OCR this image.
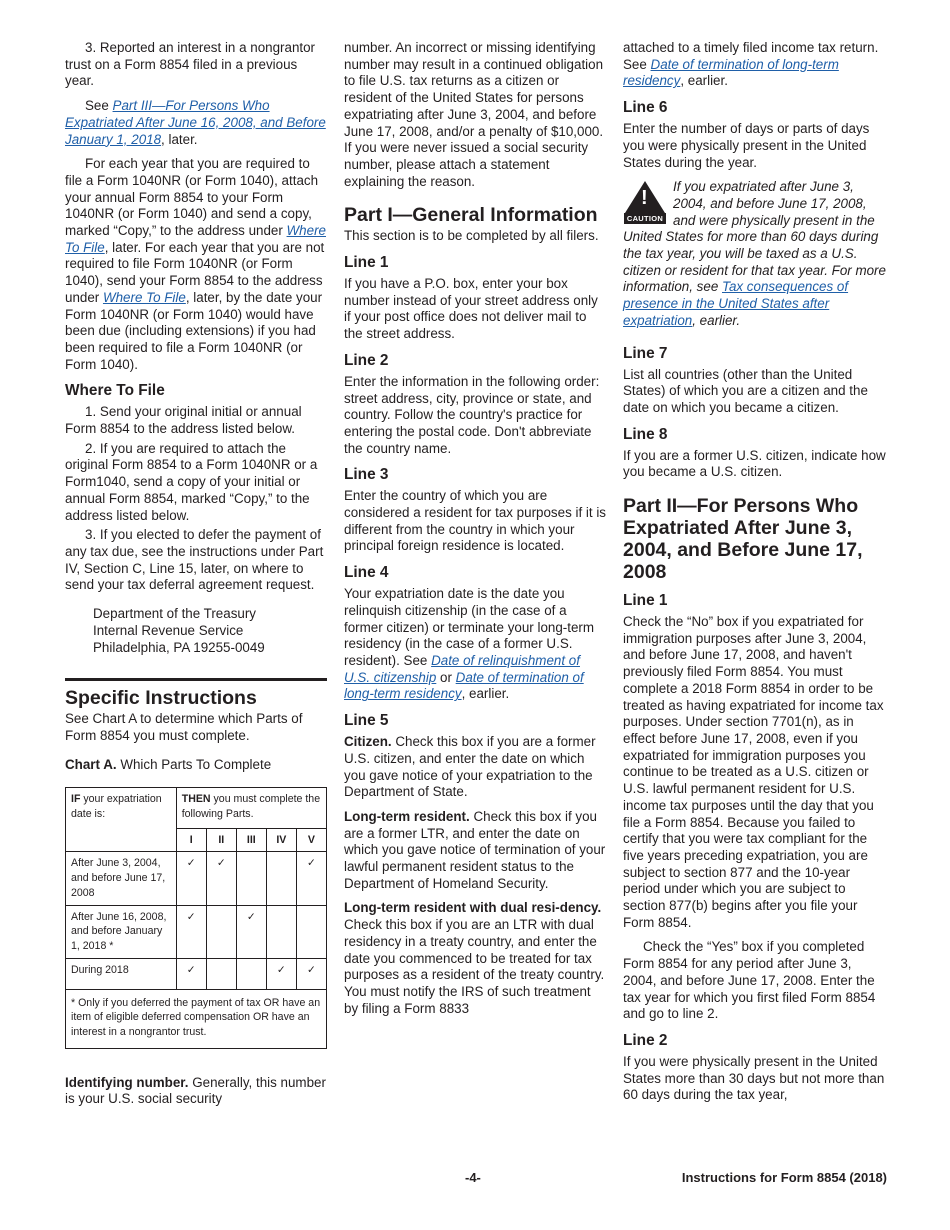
3. Reported an interest in a nongrantor trust on a Form 8854 filed in a previous year.

See Part III—For Persons Who Expatriated After June 16, 2008, and Before January 1, 2018, later.

For each year that you are required to file a Form 1040NR (or Form 1040), attach your annual Form 8854 to your Form 1040NR (or Form 1040) and send a copy, marked “Copy,” to the address under Where To File, later. For each year that you are not required to file Form 1040NR (or Form 1040), send your Form 8854 to the address under Where To File, later, by the date your Form 1040NR (or Form 1040) would have been due (including extensions) if you had been required to file a Form 1040NR (or Form 1040).

Where To File

1. Send your original initial or annual Form 8854 to the address listed below.

2. If you are required to attach the original Form 8854 to a Form 1040NR or a Form1040, send a copy of your initial or annual Form 8854, marked “Copy,” to the address listed below.

3. If you elected to defer the payment of any tax due, see the instructions under Part IV, Section C, Line 15, later, on where to send your tax deferral agreement request.

Department of the Treasury

Internal Revenue Service

Philadelphia, PA 19255-0049

Specific Instructions

See Chart A to determine which Parts of Form 8854 you must complete.

Chart A. Which Parts To Complete

IF your expatriation date is:	THEN you must complete the following Parts.				
	I	II	III	IV	V
After June 3, 2004, and before June 17, 2008	✓	✓			✓
After June 16, 2008, and before January 1, 2018 *	✓		✓		
During 2018	✓			✓	✓
* Only if you deferred the payment of tax OR have an item of eligible deferred compensation OR have an interest in a nongrantor trust.					

Identifying number. Generally, this number is your U.S. social security

number. An incorrect or missing identifying number may result in a continued obligation to file U.S. tax returns as a citizen or resident of the United States for persons expatriating after June 3, 2004, and before June 17, 2008, and/or a penalty of $10,000. If you were never issued a social security number, please attach a statement explaining the reason.

Part I—General Information

This section is to be completed by all filers.

Line 1

If you have a P.O. box, enter your box number instead of your street address only if your post office does not deliver mail to the street address.

Line 2

Enter the information in the following order: street address, city, province or state, and country. Follow the country's practice for entering the postal code. Don't abbreviate the country name.

Line 3

Enter the country of which you are considered a resident for tax purposes if it is different from the country in which your principal foreign residence is located.

Line 4

Your expatriation date is the date you relinquish citizenship (in the case of a former citizen) or terminate your long-term residency (in the case of a former U.S. resident). See Date of relinquishment of U.S. citizenship or Date of termination of long-term residency, earlier.

Line 5

Citizen. Check this box if you are a former U.S. citizen, and enter the date on which you gave notice of your expatriation to the Department of State.

Long-term resident. Check this box if you are a former LTR, and enter the date on which you gave notice of termination of your lawful permanent resident status to the Department of Homeland Security.

Long-term resident with dual resi-dency. Check this box if you are an LTR with dual residency in a treaty country, and enter the date you commenced to be treated for tax purposes as a resident of the treaty country. You must notify the IRS of such treatment by filing a Form 8833

attached to a timely filed income tax return. See Date of termination of long-term residency, earlier.

Line 6

Enter the number of days or parts of days you were physically present in the United States during the year.

!
CAUTION

If you expatriated after June 3, 2004, and before June 17, 2008, and were physically present in the United States for more than 60 days during the tax year, you will be taxed as a U.S. citizen or resident for that tax year. For more information, see Tax consequences of presence in the United States after expatriation, earlier.

Line 7

List all countries (other than the United States) of which you are a citizen and the date on which you became a citizen.

Line 8

If you are a former U.S. citizen, indicate how you became a U.S. citizen.

Part II—For Persons Who Expatriated After June 3, 2004, and Before June 17, 2008
Line 1

Check the “No” box if you expatriated for immigration purposes after June 3, 2004, and before June 17, 2008, and haven't previously filed Form 8854. You must complete a 2018 Form 8854 in order to be treated as having expatriated for income tax purposes. Under section 7701(n), as in effect before June 17, 2008, even if you expatriated for immigration purposes you continue to be treated as a U.S. citizen or U.S. lawful permanent resident for U.S. income tax purposes until the day that you file a Form 8854. Because you failed to certify that you were tax compliant for the five years preceding expatriation, you are subject to section 877 and the 10-year period under which you are subject to section 877(b) begins after you file your Form 8854.

Check the “Yes” box if you completed Form 8854 for any period after June 3, 2004, and before June 17, 2008. Enter the tax year for which you first filed Form 8854 and go to line 2.

Line 2

If you were physically present in the United States more than 30 days but not more than 60 days during the tax year,

-4-	Instructions for Form 8854 (2018)
